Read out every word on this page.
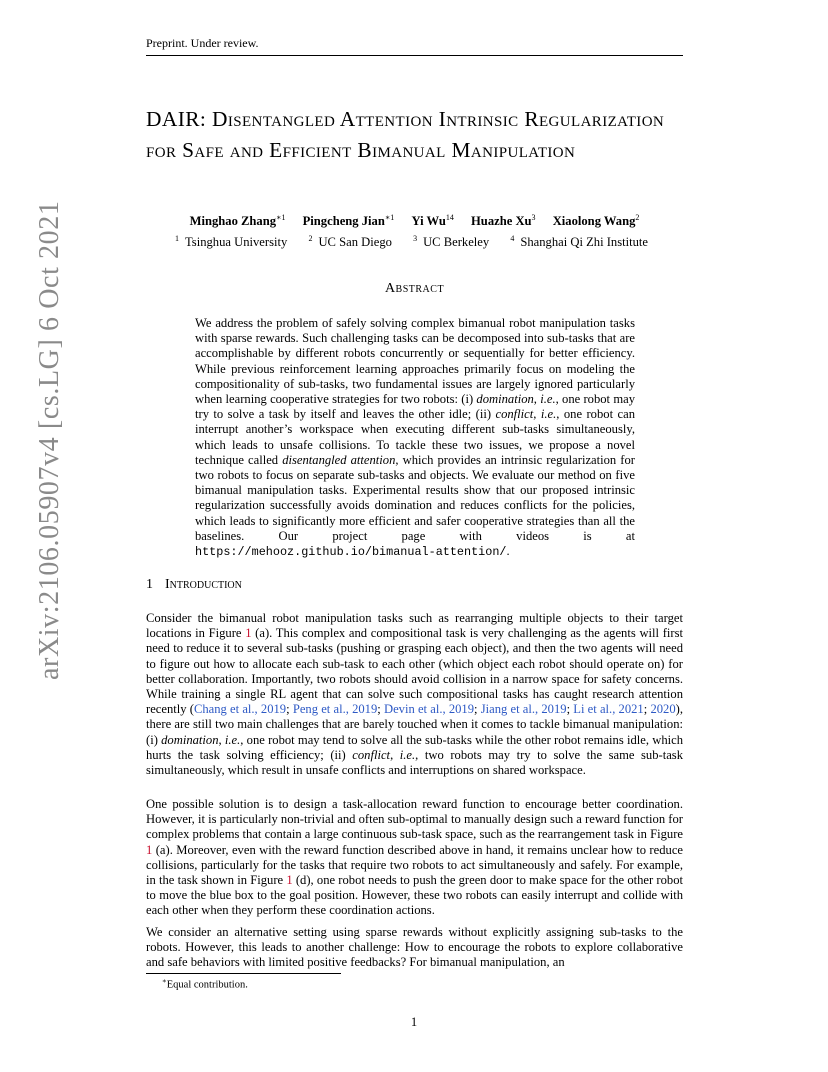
Preprint. Under review.
DAIR: Disentangled Attention Intrinsic Regularization for Safe and Efficient Bimanual Manipulation
Minghao Zhang$^{∗1}$ Pingcheng Jian$^{∗1}$ Yi Wu$^{14}$ Huazhe Xu$^3$ Xiaolong Wang$^2$
$^1$ Tsinghua University	$^2$ UC San Diego	$^3$ UC Berkeley	$^4$ Shanghai Qi Zhi Institute
arXiv:2106.05907v4 [cs.LG] 6 Oct 2021	Abstract
We address the problem of safely solving complex bimanual robot manipulation tasks with sparse rewards. Such challenging tasks can be decomposed into sub-tasks that are accomplishable by different robots concurrently or sequentially for better efficiency. While previous reinforcement learning approaches primarily focus on modeling the compositionality of sub-tasks, two fundamental issues are largely ignored particularly when learning cooperative strategies for two robots: (i) domination, i.e., one robot may try to solve a task by itself and leaves the other idle; (ii) conflict, i.e., one robot can interrupt another’s workspace when executing different sub-tasks simultaneously, which leads to unsafe collisions. To tackle these two issues, we propose a novel technique called disentangled attention, which provides an intrinsic regularization for two robots to focus on separate sub-tasks and objects. We evaluate our method on five bimanual manipulation tasks. Experimental results show that our proposed intrinsic regularization successfully avoids domination and reduces conflicts for the policies, which leads to significantly more efficient and safer cooperative strategies than all the baselines. Our project page with videos is at https://mehooz.github.io/bimanual-attention/.
1 Introduction

Consider the bimanual robot manipulation tasks such as rearranging multiple objects to their target locations in Figure 1 (a). This complex and compositional task is very challenging as the agents will first need to reduce it to several sub-tasks (pushing or grasping each object), and then the two agents will need to figure out how to allocate each sub-task to each other (which object each robot should operate on) for better collaboration. Importantly, two robots should avoid collision in a narrow space for safety concerns. While training a single RL agent that can solve such compositional tasks has caught research attention recently (Chang et al., 2019; Peng et al., 2019; Devin et al., 2019; Jiang et al., 2019; Li et al., 2021; 2020), there are still two main challenges that are barely touched when it comes to tackle bimanual manipulation: (i) domination, i.e., one robot may tend to solve all the sub-tasks while the other robot remains idle, which hurts the task solving efficiency; (ii) conflict, i.e., two robots may try to solve the same sub-task simultaneously, which result in unsafe conflicts and interruptions on shared workspace.

One possible solution is to design a task-allocation reward function to encourage better coordination. However, it is particularly non-trivial and often sub-optimal to manually design such a reward function for complex problems that contain a large continuous sub-task space, such as the rearrangement task in Figure 1 (a). Moreover, even with the reward function described above in hand, it remains unclear how to reduce collisions, particularly for the tasks that require two robots to act simultaneously and safely. For example, in the task shown in Figure 1 (d), one robot needs to push the green door to make space for the other robot to move the blue box to the goal position. However, these two robots can easily interrupt and collide with each other when they perform these coordination actions.

We consider an alternative setting using sparse rewards without explicitly assigning sub-tasks to the robots. However, this leads to another challenge: How to encourage the robots to explore collaborative and safe behaviors with limited positive feedbacks? For bimanual manipulation, an

∗Equal contribution.
1
